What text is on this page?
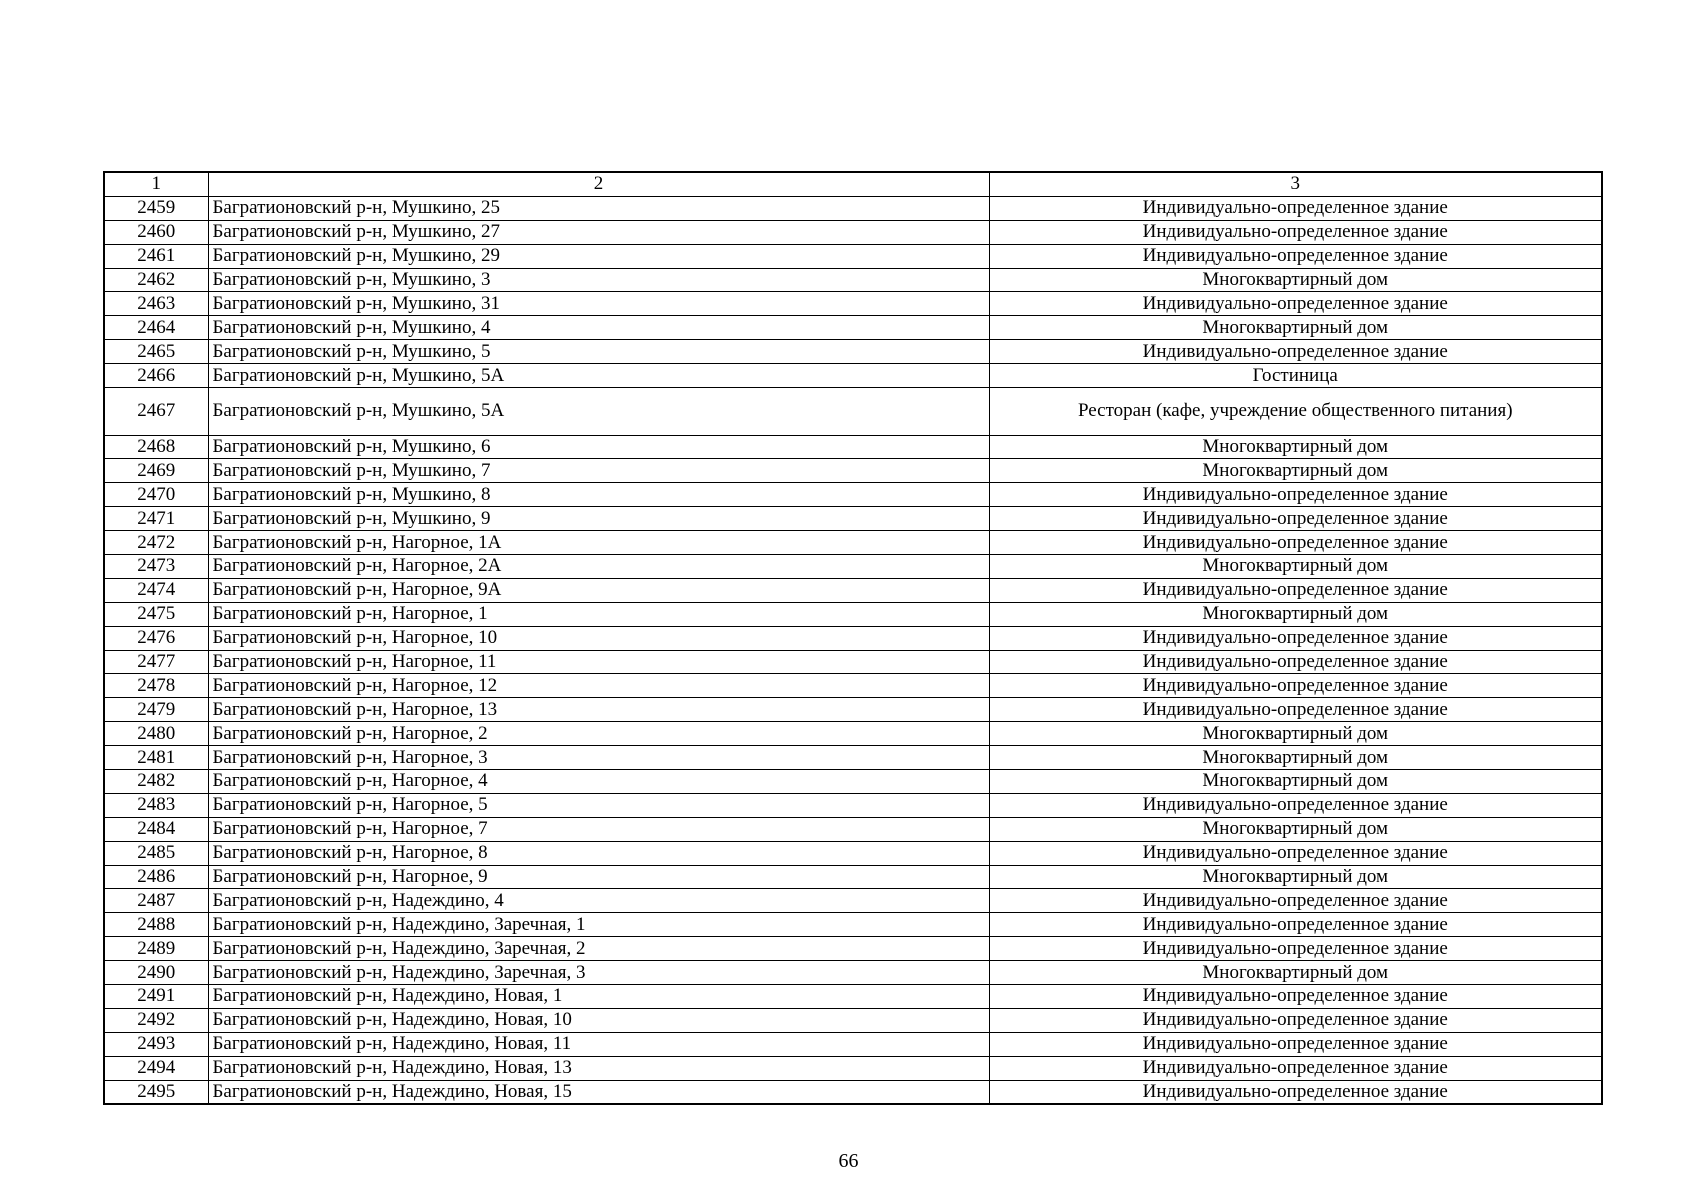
1	2	3
2459	Багратионовский р-н, Мушкино, 25	Индивидуально-определенное здание
2460	Багратионовский р-н, Мушкино, 27	Индивидуально-определенное здание
2461	Багратионовский р-н, Мушкино, 29	Индивидуально-определенное здание
2462	Багратионовский р-н, Мушкино, 3	Многоквартирный дом
2463	Багратионовский р-н, Мушкино, 31	Индивидуально-определенное здание
2464	Багратионовский р-н, Мушкино, 4	Многоквартирный дом
2465	Багратионовский р-н, Мушкино, 5	Индивидуально-определенное здание
2466	Багратионовский р-н, Мушкино, 5А	Гостиница
2467	Багратионовский р-н, Мушкино, 5А	Ресторан (кафе, учреждение общественного питания)
2468	Багратионовский р-н, Мушкино, 6	Многоквартирный дом
2469	Багратионовский р-н, Мушкино, 7	Многоквартирный дом
2470	Багратионовский р-н, Мушкино, 8	Индивидуально-определенное здание
2471	Багратионовский р-н, Мушкино, 9	Индивидуально-определенное здание
2472	Багратионовский р-н, Нагорное, 1А	Индивидуально-определенное здание
2473	Багратионовский р-н, Нагорное, 2А	Многоквартирный дом
2474	Багратионовский р-н, Нагорное, 9А	Индивидуально-определенное здание
2475	Багратионовский р-н, Нагорное, 1	Многоквартирный дом
2476	Багратионовский р-н, Нагорное, 10	Индивидуально-определенное здание
2477	Багратионовский р-н, Нагорное, 11	Индивидуально-определенное здание
2478	Багратионовский р-н, Нагорное, 12	Индивидуально-определенное здание
2479	Багратионовский р-н, Нагорное, 13	Индивидуально-определенное здание
2480	Багратионовский р-н, Нагорное, 2	Многоквартирный дом
2481	Багратионовский р-н, Нагорное, 3	Многоквартирный дом
2482	Багратионовский р-н, Нагорное, 4	Многоквартирный дом
2483	Багратионовский р-н, Нагорное, 5	Индивидуально-определенное здание
2484	Багратионовский р-н, Нагорное, 7	Многоквартирный дом
2485	Багратионовский р-н, Нагорное, 8	Индивидуально-определенное здание
2486	Багратионовский р-н, Нагорное, 9	Многоквартирный дом
2487	Багратионовский р-н, Надеждино, 4	Индивидуально-определенное здание
2488	Багратионовский р-н, Надеждино, Заречная, 1	Индивидуально-определенное здание
2489	Багратионовский р-н, Надеждино, Заречная, 2	Индивидуально-определенное здание
2490	Багратионовский р-н, Надеждино, Заречная, 3	Многоквартирный дом
2491	Багратионовский р-н, Надеждино, Новая, 1	Индивидуально-определенное здание
2492	Багратионовский р-н, Надеждино, Новая, 10	Индивидуально-определенное здание
2493	Багратионовский р-н, Надеждино, Новая, 11	Индивидуально-определенное здание
2494	Багратионовский р-н, Надеждино, Новая, 13	Индивидуально-определенное здание
2495	Багратионовский р-н, Надеждино, Новая, 15	Индивидуально-определенное здание
66
